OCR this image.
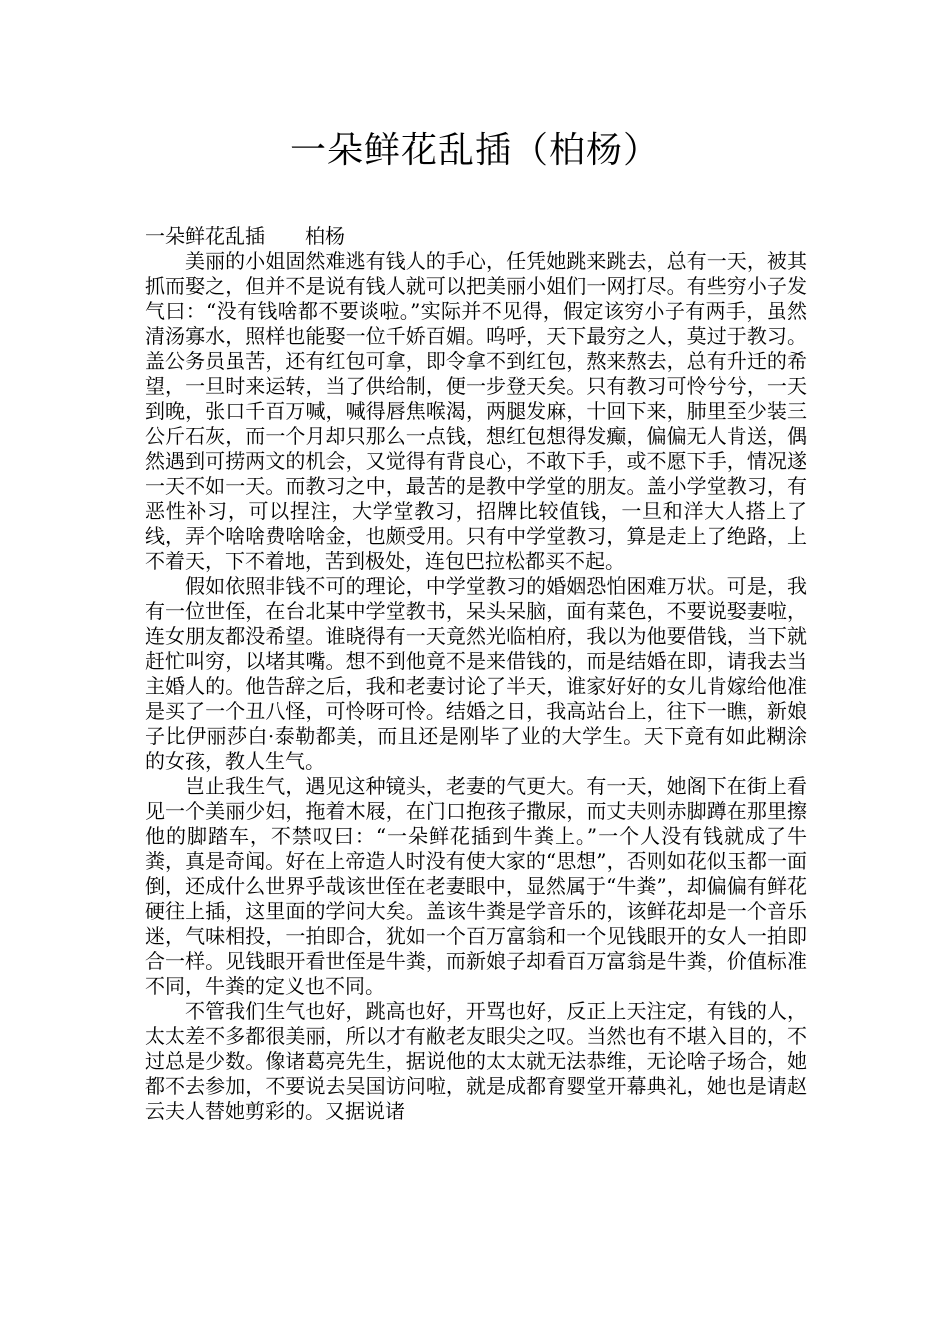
一朵鲜花乱插（柏杨）

一朵鲜花乱插　　柏杨

美丽的小姐固然难逃有钱人的手心，任凭她跳来跳去，总有一天，被其抓而娶之，但并不是说有钱人就可以把美丽小姐们一网打尽。有些穷小子发气曰：“没有钱啥都不要谈啦。”实际并不见得，假定该穷小子有两手，虽然清汤寡水，照样也能娶一位千娇百媚。呜呼，天下最穷之人，莫过于教习。盖公务员虽苦，还有红包可拿，即令拿不到红包，熬来熬去，总有升迁的希望，一旦时来运转，当了供给制，便一步登天矣。只有教习可怜兮兮，一天到晚，张口千百万喊，喊得唇焦喉渴，两腿发麻，十回下来，肺里至少装三公斤石灰，而一个月却只那么一点钱，想红包想得发癫，偏偏无人肯送，偶然遇到可捞两文的机会，又觉得有背良心，不敢下手，或不愿下手，情况遂一天不如一天。而教习之中，最苦的是教中学堂的朋友。盖小学堂教习，有恶性补习，可以捏注，大学堂教习，招牌比较值钱，一旦和洋大人搭上了线，弄个啥啥费啥啥金，也颇受用。只有中学堂教习，算是走上了绝路，上不着天，下不着地，苦到极处，连包巴拉松都买不起。

假如依照非钱不可的理论，中学堂教习的婚姻恐怕困难万状。可是，我有一位世侄，在台北某中学堂教书，呆头呆脑，面有菜色，不要说娶妻啦，连女朋友都没希望。谁晓得有一天竟然光临柏府，我以为他要借钱，当下就赶忙叫穷，以堵其嘴。想不到他竟不是来借钱的，而是结婚在即，请我去当主婚人的。他告辞之后，我和老妻讨论了半天，谁家好好的女儿肯嫁给他准是买了一个丑八怪，可怜呀可怜。结婚之日，我高站台上，往下一瞧，新娘子比伊丽莎白·泰勒都美，而且还是刚毕了业的大学生。天下竟有如此糊涂的女孩，教人生气。

岂止我生气，遇见这种镜头，老妻的气更大。有一天，她阁下在街上看见一个美丽少妇，拖着木屐，在门口抱孩子撒尿，而丈夫则赤脚蹲在那里擦他的脚踏车，不禁叹曰：“一朵鲜花插到牛粪上。”一个人没有钱就成了牛粪，真是奇闻。好在上帝造人时没有使大家的“思想”，否则如花似玉都一面倒，还成什么世界乎哉该世侄在老妻眼中，显然属于“牛粪”，却偏偏有鲜花硬往上插，这里面的学问大矣。盖该牛粪是学音乐的，该鲜花却是一个音乐迷，气味相投，一拍即合，犹如一个百万富翁和一个见钱眼开的女人一拍即合一样。见钱眼开看世侄是牛粪，而新娘子却看百万富翁是牛粪，价值标准不同，牛粪的定义也不同。

不管我们生气也好，跳高也好，开骂也好，反正上天注定，有钱的人，太太差不多都很美丽，所以才有敝老友眼尖之叹。当然也有不堪入目的，不过总是少数。像诸葛亮先生，据说他的太太就无法恭维，无论啥子场合，她都不去参加，不要说去吴国访问啦，就是成都育婴堂开幕典礼，她也是请赵云夫人替她剪彩的。又据说诸
